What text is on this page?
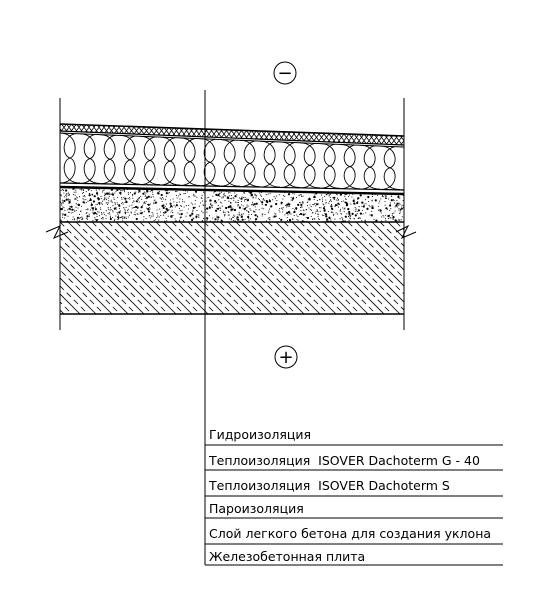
−
+
Гидроизоляция
Теплоизоляция  ISOVER Dachoterm G - 40
Теплоизоляция  ISOVER Dachoterm S
Пароизоляция
Слой легкого бетона для создания уклона
Железобетонная плита
